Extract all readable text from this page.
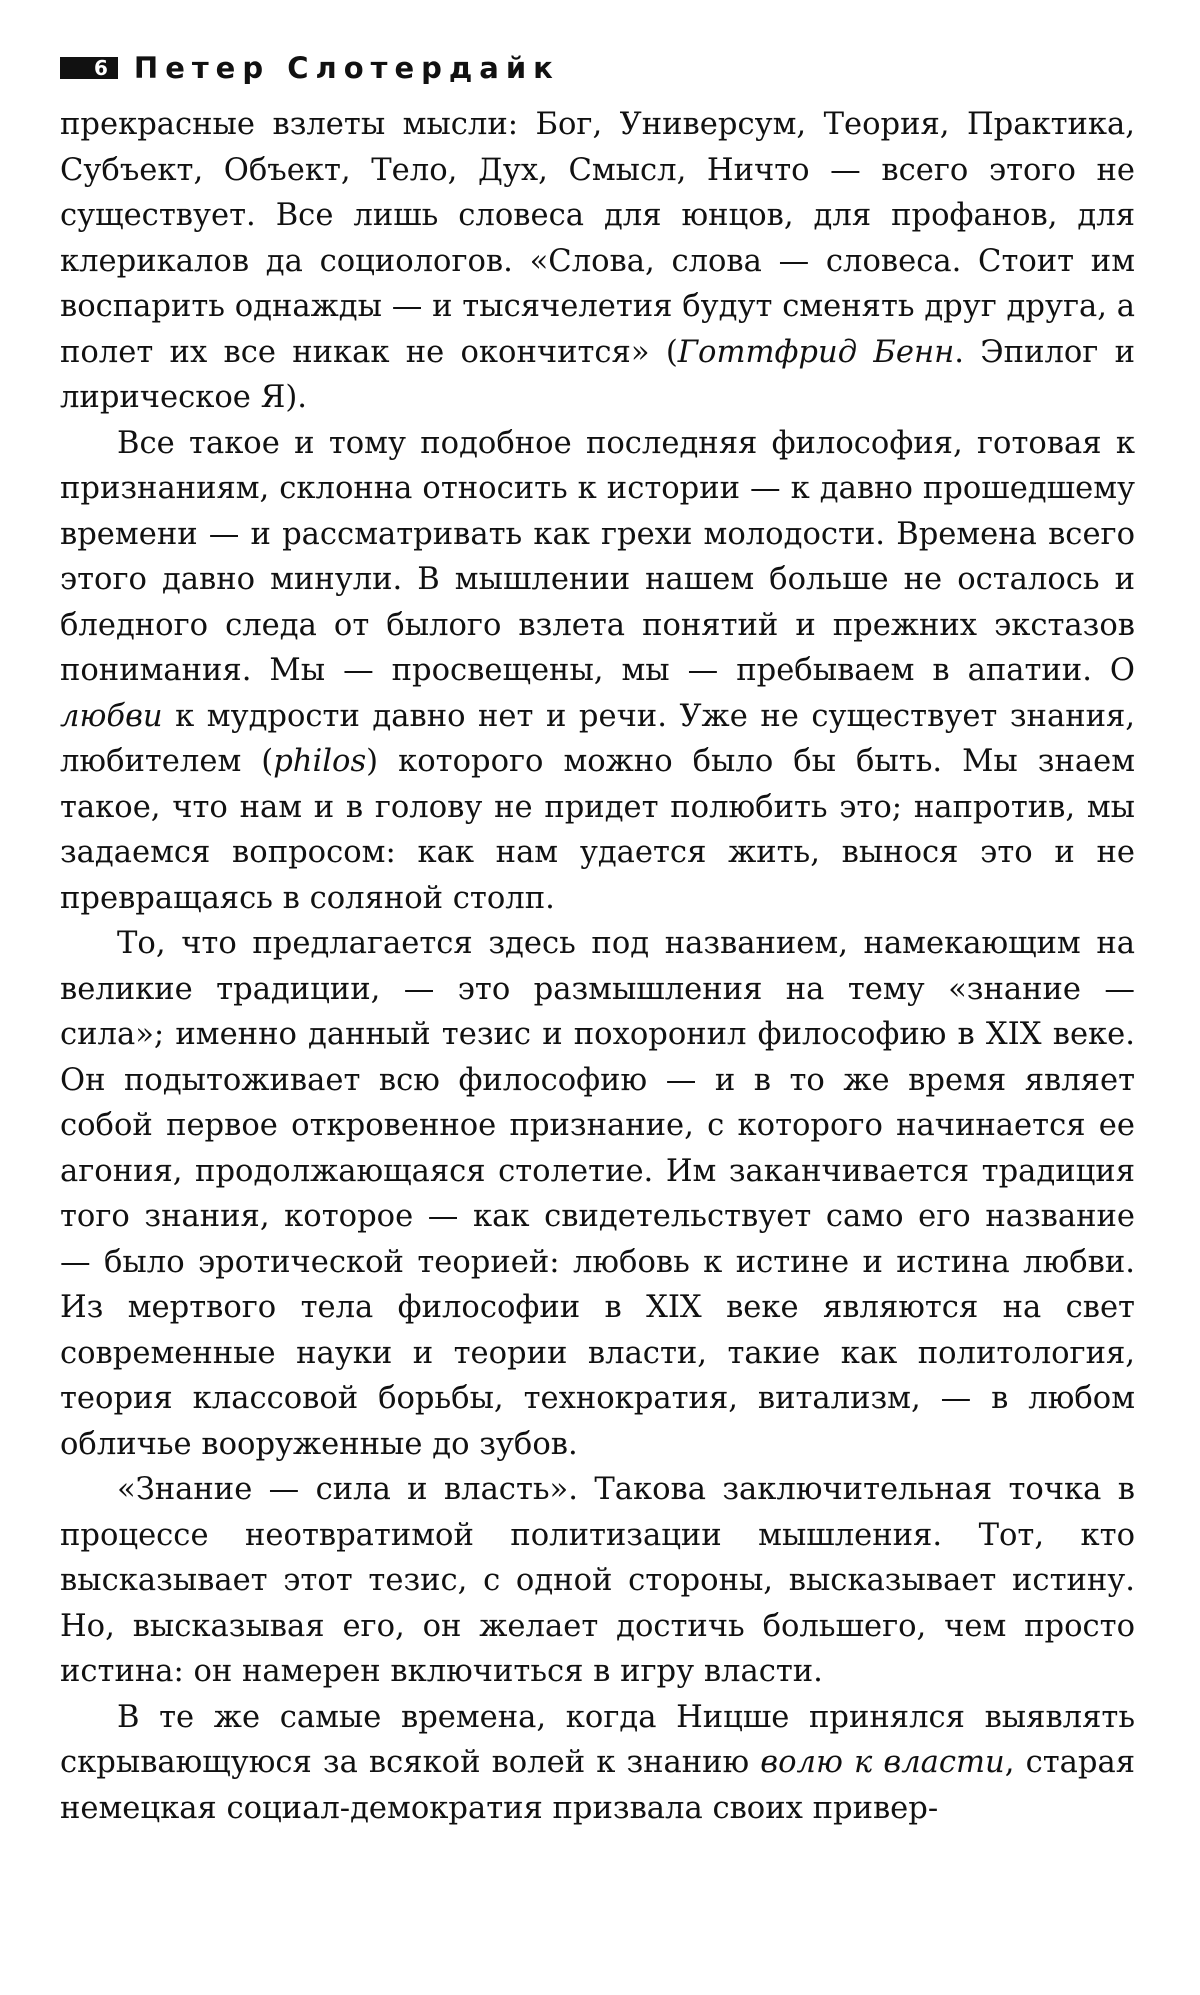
6 Петер Слотердайк

прекрасные взлеты мысли: Бог, Универсум, Теория, Практика, Субъект, Объект, Тело, Дух, Смысл, Ничто — всего этого не существует. Все лишь словеса для юнцов, для профанов, для клерикалов да социологов. «Слова, слова — словеса. Стоит им воспарить однажды — и тысячелетия будут сменять друг друга, а полет их все никак не окончится» (Готтфрид Бенн. Эпилог и лирическое Я).

Все такое и тому подобное последняя философия, готовая к признаниям, склонна относить к истории — к давно прошедшему времени — и рассматривать как грехи молодости. Времена всего этого давно минули. В мышлении нашем больше не осталось и бледного следа от былого взлета понятий и прежних экстазов понимания. Мы — просвещены, мы — пребываем в апатии. О любви к мудрости давно нет и речи. Уже не существует знания, любителем (philos) которого можно было бы быть. Мы знаем такое, что нам и в голову не придет полюбить это; напротив, мы задаемся вопросом: как нам удается жить, вынося это и не превращаясь в соляной столп.

То, что предлагается здесь под названием, намекающим на великие традиции, — это размышления на тему «знание — сила»; именно данный тезис и похоронил философию в XIX веке. Он подытоживает всю философию — и в то же время являет собой первое откровенное признание, с которого начинается ее агония, продолжающаяся столетие. Им заканчивается традиция того знания, которое — как свидетельствует само его название — было эротической теорией: любовь к истине и истина любви. Из мертвого тела философии в XIX веке являются на свет современные науки и теории власти, такие как политология, теория классовой борьбы, технократия, витализм, — в любом обличье вооруженные до зубов.

«Знание — сила и власть». Такова заключительная точка в процессе неотвратимой политизации мышления. Тот, кто высказывает этот тезис, с одной стороны, высказывает истину. Но, высказывая его, он желает достичь большего, чем просто истина: он намерен включиться в игру власти.

В те же самые времена, когда Ницше принялся выявлять скрывающуюся за всякой волей к знанию волю к власти, старая немецкая социал-демократия призвала своих привер-
